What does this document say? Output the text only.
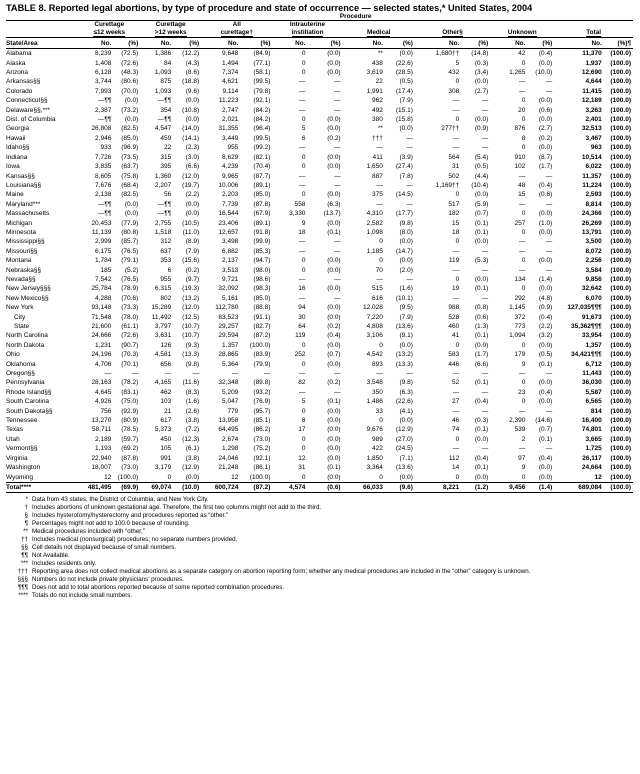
TABLE 8. Reported legal abortions, by type of procedure and state of occurrence — selected states,* United States, 2004
	Procedure															
	Curettage		Curettage		All		Intrauterine									
	≤12 weeks		>12 weeks		curettage†		instillation		Medical		Other§		Unknown		Total	
State/Area	No.	(%)	No.	(%)	No.	(%)	No.	(%)	No.	(%)	No.	(%)	No.	(%)	No.	(%)¶
Alabama	8,239	(72.5)	1,386	(12.2)	9,648	(84.9)	0	(0.0)	**	(0.0)	1,680††	(14.8)	42	(0.4)	11,370	(100.0)
Alaska	1,408	(72.6)	84	(4.3)	1,494	(77.1)	0	(0.0)	438	(22.6)	5	(0.3)	0	(0.0)	1,937	(100.0)
Arizona	6,128	(48.3)	1,093	(8.6)	7,374	(58.1)	0	(0.0)	3,619	(28.5)	432	(3.4)	1,265	(10.0)	12,690	(100.0)
Arkansas§§	3,744	(80.6)	875	(18.8)	4,621	(99.5)	—	—	22	(0.5)	0	(0.0)	—	—	4,644	(100.0)
Colorado	7,993	(70.0)	1,093	(9.6)	9,114	(79.8)	—	—	1,991	(17.4)	308	(2.7)	—	—	11,415	(100.0)
Connecticut§§	—¶¶	(0.0)	—¶¶	(0.0)	11,223	(92.1)	—	—	962	(7.9)	—	—	0	(0.0)	12,189	(100.0)
Delaware§§,***	2,387	(73.2)	354	(10.8)	2,747	(84.2)	—	—	492	(15.1)	—	—	20	(0.6)	3,263	(100.0)
Dist. of Columbia	—¶¶	(0.0)	—¶¶	(0.0)	2,021	(84.2)	0	(0.0)	380	(15.8)	0	(0.0)	0	(0.0)	2,401	(100.0)
Georgia	26,808	(82.5)	4,547	(14.0)	31,355	(96.4)	5	(0.0)	**	(0.0)	277††	(0.9)	876	(2.7)	32,513	(100.0)
Hawaii	2,946	(85.0)	459	(14.1)	3,449	(99.5)	6	(0.2)	†††	—	—	—	8	(0.2)	3,467	(100.0)
Idaho§§	933	(96.9)	22	(2.3)	955	(99.2)	—	—	—	—	—	—	0	(0.0)	963	(100.0)
Indiana	7,726	(73.5)	315	(3.0)	8,629	(82.1)	0	(0.0)	411	(3.9)	564	(5.4)	910	(8.7)	10,514	(100.0)
Iowa	3,835	(63.7)	395	(6.6)	4,239	(70.4)	0	(0.0)	1,650	(27.4)	31	(0.5)	102	(1.7)	6,022	(100.0)
Kansas§§	8,605	(75.8)	1,360	(12.0)	9,965	(87.7)	—	—	887	(7.8)	502	(4.4)	—	—	11,357	(100.0)
Louisiana§§	7,676	(68.4)	2,207	(19.7)	10,006	(89.1)	—	—	—	—	1,169††	(10.4)	48	(0.4)	11,224	(100.0)
Maine	2,138	(82.5)	56	(2.2)	2,203	(85.0)	0	(0.0)	375	(14.5)	0	(0.0)	15	(0.6)	2,593	(100.0)
Maryland***	—¶¶	(0.0)	—¶¶	(0.0)	7,739	(87.8)	558	(6.3)	—	—	517	(5.9)	—	—	8,814	(100.0)
Massachusetts	—¶¶	(0.0)	—¶¶	(0.0)	16,544	(67.9)	3,330	(13.7)	4,310	(17.7)	182	(0.7)	0	(0.0)	24,366	(100.0)
Michigan	20,453	(77.9)	2,755	(10.5)	23,406	(89.1)	9	(0.0)	2,582	(9.8)	15	(0.1)	257	(1.0)	26,269	(100.0)
Minnesota	11,139	(80.8)	1,518	(11.0)	12,657	(91.8)	18	(0.1)	1,098	(8.0)	18	(0.1)	0	(0.0)	13,791	(100.0)
Mississippi§§	2,999	(85.7)	312	(8.9)	3,498	(99.9)	—	—	0	(0.0)	0	(0.0)	—	—	3,500	(100.0)
Missouri§§	6,175	(76.5)	637	(7.9)	6,882	(85.3)	—	—	1,185	(14.7)	—	—	—	—	8,072	(100.0)
Montana	1,784	(79.1)	353	(15.6)	2,137	(94.7)	0	(0.0)	0	(0.0)	119	(5.3)	0	(0.0)	2,256	(100.0)
Nebraska§§	185	(5.2)	6	(0.2)	3,513	(98.0)	0	(0.0)	70	(2.0)	—	—	—	—	3,584	(100.0)
Nevada§§	7,542	(76.5)	955	(9.7)	9,721	(98.6)	—	—	—	—	0	(0.0)	134	(1.4)	9,856	(100.0)
New Jersey§§§	25,784	(78.9)	6,315	(19.3)	32,092	(98.3)	16	(0.0)	515	(1.6)	19	(0.1)	0	(0.0)	32,642	(100.0)
New Mexico§§	4,288	(70.6)	802	(13.2)	5,161	(85.0)	—	—	616	(10.1)	—	—	292	(4.8)	6,070	(100.0)
New York	93,148	(73.3)	15,289	(12.0)	112,780	(88.8)	94	(0.0)	12,028	(9.5)	988	(0.8)	1,145	(0.9)	127,035¶¶¶	(100.0)
City	71,548	(78.0)	11,492	(12.5)	83,523	(91.1)	30	(0.0)	7,220	(7.9)	528	(0.6)	372	(0.4)	91,673	(100.0)
State	21,600	(61.1)	3,797	(10.7)	29,257	(82.7)	64	(0.2)	4,808	(13.6)	460	(1.3)	773	(2.2)	35,362¶¶¶	(100.0)
North Carolina	24,666	(72.6)	3,631	(10.7)	29,594	(87.2)	119	(0.4)	3,106	(9.1)	41	(0.1)	1,094	(3.2)	33,954	(100.0)
North Dakota	1,231	(90.7)	126	(9.3)	1,357	(100.0)	0	(0.0)	0	(0.0)	0	(0.0)	0	(0.0)	1,357	(100.0)
Ohio	24,196	(70.3)	4,581	(13.3)	28,865	(83.9)	252	(0.7)	4,542	(13.2)	583	(1.7)	179	(0.5)	34,421¶¶¶	(100.0)
Oklahoma	4,706	(70.1)	656	(9.8)	5,364	(79.9)	0	(0.0)	893	(13.3)	446	(6.6)	9	(0.1)	6,712	(100.0)
Oregon§§	—	—	—	—	—	—	—	—	—	—	—	—	—	—	11,443	(100.0)
Pennsylvania	28,163	(78.2)	4,165	(11.6)	32,348	(89.8)	82	(0.2)	3,548	(9.8)	52	(0.1)	0	(0.0)	36,030	(100.0)
Rhode Island§§	4,645	(83.1)	462	(8.3)	5,209	(93.2)	—	—	350	(6.3)	—	—	23	(0.4)	5,587	(100.0)
South Carolina	4,926	(75.0)	103	(1.6)	5,047	(76.9)	5	(0.1)	1,486	(22.6)	27	(0.4)	0	(0.0)	6,565	(100.0)
South Dakota§§	756	(92.9)	21	(2.6)	779	(95.7)	0	(0.0)	33	(4.1)	—	—	—	—	814	(100.0)
Tennessee	13,270	(80.9)	617	(3.8)	13,958	(85.1)	8	(0.0)	0	(0.0)	46	(0.3)	2,390	(14.6)	16,400	(100.0)
Texas	58,711	(78.5)	5,373	(7.2)	64,495	(86.2)	17	(0.0)	9,676	(12.9)	74	(0.1)	539	(0.7)	74,801	(100.0)
Utah	2,189	(59.7)	450	(12.3)	2,674	(73.0)	0	(0.0)	989	(27.0)	0	(0.0)	2	(0.1)	3,665	(100.0)
Vermont§§	1,193	(69.2)	105	(6.1)	1,298	(75.2)	0	(0.0)	422	(24.5)	—	—	—	—	1,725	(100.0)
Virginia	22,940	(87.8)	991	(3.8)	24,046	(92.1)	12	(0.0)	1,850	(7.1)	112	(0.4)	97	(0.4)	26,117	(100.0)
Washington	18,007	(73.0)	3,179	(12.9)	21,248	(86.1)	31	(0.1)	3,364	(13.6)	14	(0.1)	9	(0.0)	24,664	(100.0)
Wyoming	12	(100.0)	0	(0.0)	12	(100.0)	0	(0.0)	0	(0.0)	0	(0.0)	0	(0.0)	12	(100.0)
Total****	481,495	(69.9)	69,074	(10.0)	600,724	(87.2)	4,574	(0.6)	66,033	(9.6)	8,221	(1.2)	9,456	(1.4)	689,084	(100.0)
* Data from 43 states, the District of Columbia, and New York City.
† Includes abortions of unknown gestational age. Therefore, the first two columns might not add to the third.
§ Includes hysterotomy/hysterectomy and procedures reported as “other.”
¶ Percentages might not add to 100.0 because of rounding.
** Medical procedures included with “other.”
†† Includes medical (nonsurgical) procedures; no separate numbers provided.
§§ Cell details not displayed because of small numbers.
¶¶ Not Available.
*** Includes residents only.
††† Reporting area does not collect medical abortions as a separate category on abortion reporting form; whether any medical procedures are included in the “other” category is unknown.
§§§ Numbers do not include private physicians’ procedures.
¶¶¶ Does not add to total abortions reported because of some reported combination procedures.
**** Totals do not include small numbers.
